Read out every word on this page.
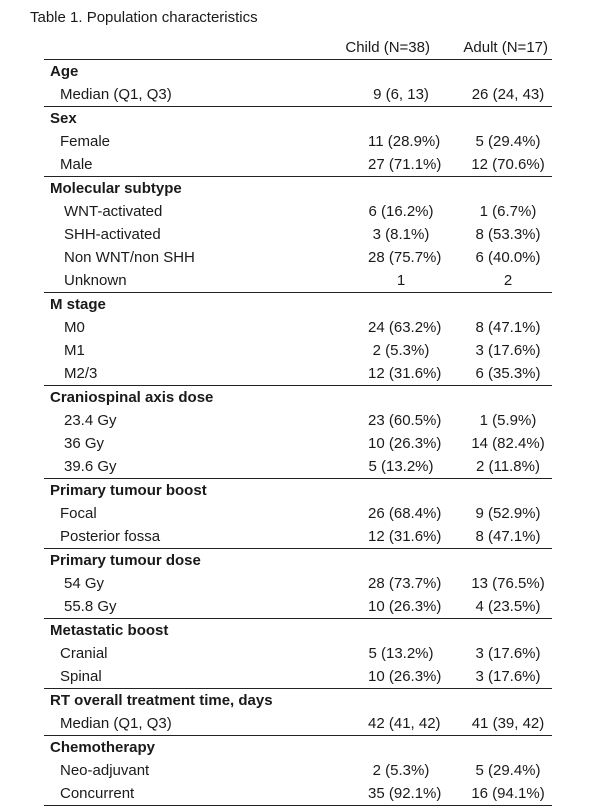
Table 1. Population characteristics
	Child (N=38)	Adult (N=17)
Age		
Median (Q1, Q3)	9 (6, 13)	26 (24, 43)
Sex		
Female	11 (28.9%)	5 (29.4%)
Male	27 (71.1%)	12 (70.6%)
Molecular subtype		
WNT-activated	6 (16.2%)	1 (6.7%)
SHH-activated	3 (8.1%)	8 (53.3%)
Non WNT/non SHH	28 (75.7%)	6 (40.0%)
Unknown	1	2
M stage		
M0	24 (63.2%)	8 (47.1%)
M1	2 (5.3%)	3 (17.6%)
M2/3	12 (31.6%)	6 (35.3%)
Craniospinal axis dose		
23.4 Gy	23 (60.5%)	1 (5.9%)
36 Gy	10 (26.3%)	14 (82.4%)
39.6 Gy	5 (13.2%)	2 (11.8%)
Primary tumour boost		
Focal	26 (68.4%)	9 (52.9%)
Posterior fossa	12 (31.6%)	8 (47.1%)
Primary tumour dose		
54 Gy	28 (73.7%)	13 (76.5%)
55.8 Gy	10 (26.3%)	4 (23.5%)
Metastatic boost		
Cranial	5 (13.2%)	3 (17.6%)
Spinal	10 (26.3%)	3 (17.6%)
RT overall treatment time, days		
Median (Q1, Q3)	42 (41, 42)	41 (39, 42)
Chemotherapy		
Neo-adjuvant	2 (5.3%)	5 (29.4%)
Concurrent	35 (92.1%)	16 (94.1%)
